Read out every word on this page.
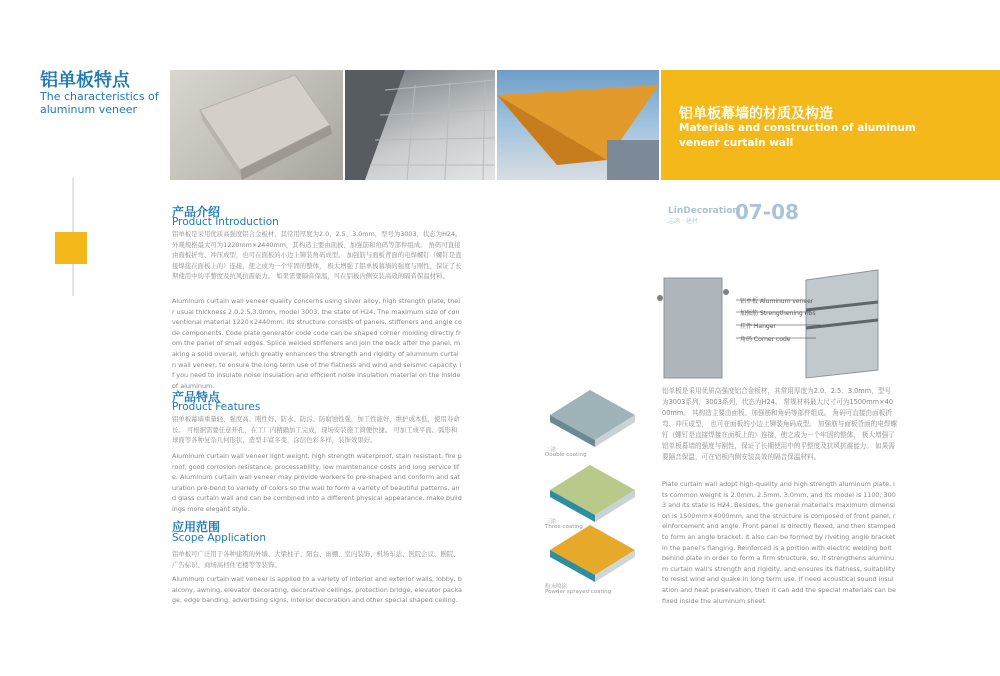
铝单板特点
The characteristics of aluminum veneer	铝单板幕墙的材质及构造
Materials and construction of aluminum
veneer curtain wall
产品介绍
Product Introduction
铝单板是采用优质高强度铝合金板材，其常用厚度为2.0、2.5、3.0mm，型号为3003，状态为H24。 外观规格最大可为1220mm×2440mm，其构造主要由面板、加强筋和角码等部件组成。 角码可直接由面板折弯、冲压成型，也可在面板的小边上铆装角码成型。 加强筋与面板背面的电焊螺钉（螺钉是直接焊接在面板上的）连接，使之成为一个牢固的整体， 极大增强了铝单板幕墙的强度与刚性，保证了长期使用中的平整度及抗风抗震能力。 如果需要隔音保温，可在铝板内侧安装高效的隔音保温材料。
Aluminum curtain wall veneer quality concerns using silver alloy, high strength plate, their usual thickness 2.0,2.5,3.0mm, model 3003, the state of H24. The maximum size of conventional material 1220×2440mm. Its structure consists of panels, stiffeners and angle code components. Code plate generator code code can be shaped corner molding directly from the panel of small edges. Splice welded stiffeners and join the back after the panel, making a solid overall, which greatly enhances the strength and rigidity of aluminum curtain wall veneer, to ensure the long term use of the flatness and wind and seismic capacity. If you need to insulate noise insulation and efficient noise insulation material on the inside of aluminum.
产品特点
Product Features
铝单板幕墙重量轻、强度高、刚性好、防水、防污、防腐蚀性强，加工性能好，维护成本低，使用寿命长。 可根据需要任意开孔，在工厂内精确加工完成，现场安装施工简便快捷。 可加工成平面、弧形和球面等各种复杂几何形状，造型丰富多变，涂层色彩多样，装饰效果好。
Aluminum curtain wall veneer light weight, high strength waterproof, stain resistant, fire proof, good corrosion resistance, processability, low maintenance costs and long service life. Aluminum curtain wall veneer may provide workers to pre-shaped and conform and saturation pre-bend to variety of colors so the wall to form a variety of beautiful patterns, and glass curtain wall and can be combined into a different physical appearance, make buildings more elegant style.
应用范围
Scope Application
铝单板可广泛用于各种建筑的外墙、大梁柱子、阳台、雨棚、室内装饰、机场车站、医院会议、剧院、广告标识、商场高档住宅楼等等装饰。
Aluminum curtain wall veneer is applied to a variety of interior and exterior walls, lobby, balcony, awning, elevator decorating, decorative ceilings, protection bridge, elevator package, edge banding, advertising signs, interior decoration and other special shaped ceiling.
二涂
Double coating
三涂
Three coating
粉末喷涂
Powder sprayed coating
LinDecoration
志鸿 · 建材 07-08
铝单板 Aluminum veneer
加强筋 Strengthening ribs
挂件 Hanger
角码 Corner code
铝单板是采用优质高强度铝合金板材，其常用厚度为2.0、2.5、3.0mm，型号为3003系列，3003系列，状态为H24。 常规材料最大尺寸可为1500mm×4000mm。 其构造主要由面板、加强筋和角码等部件组成。 角码可直接由面板折弯、冲压成型， 也可在面板的小边上铆装角码成型。 加强筋与面板背面的电焊螺钉（螺钉是直接焊接在面板上的）连接，使之成为一个牢固的整体， 极大增强了铝单板幕墙的强度与刚性，保证了长期使用中的平整度及抗风抗震能力。 如果需要隔音保温，可在铝板内侧安装高效的隔音保温材料。
Plate curtain wall adopt high-quality and high strength aluminum plate, its common weight is 2.0mm, 2.5mm, 3.0mm, and its model is 1100, 3003 and its state is H24, Besides, the general material's maximum dimension is 1500mm×4000mm, and the structure is composed of front panel, reinforcement and angle. Front panel is directly flexed, and then stamped to form an angle bracket, it also can be formed by riveting angle bracket in the panel's flanging. Reinforced is a portion with electric welding bolt behind plate in order to form a firm structure, so, it strengthens aluminum curtain wall's strength and rigidity, and ensures its flatness, suitability to resist wind and quake in long term use. If need acoustical sound insulation and heat preservation, then it can add the special materials can be fixed inside the aluminum sheet.
